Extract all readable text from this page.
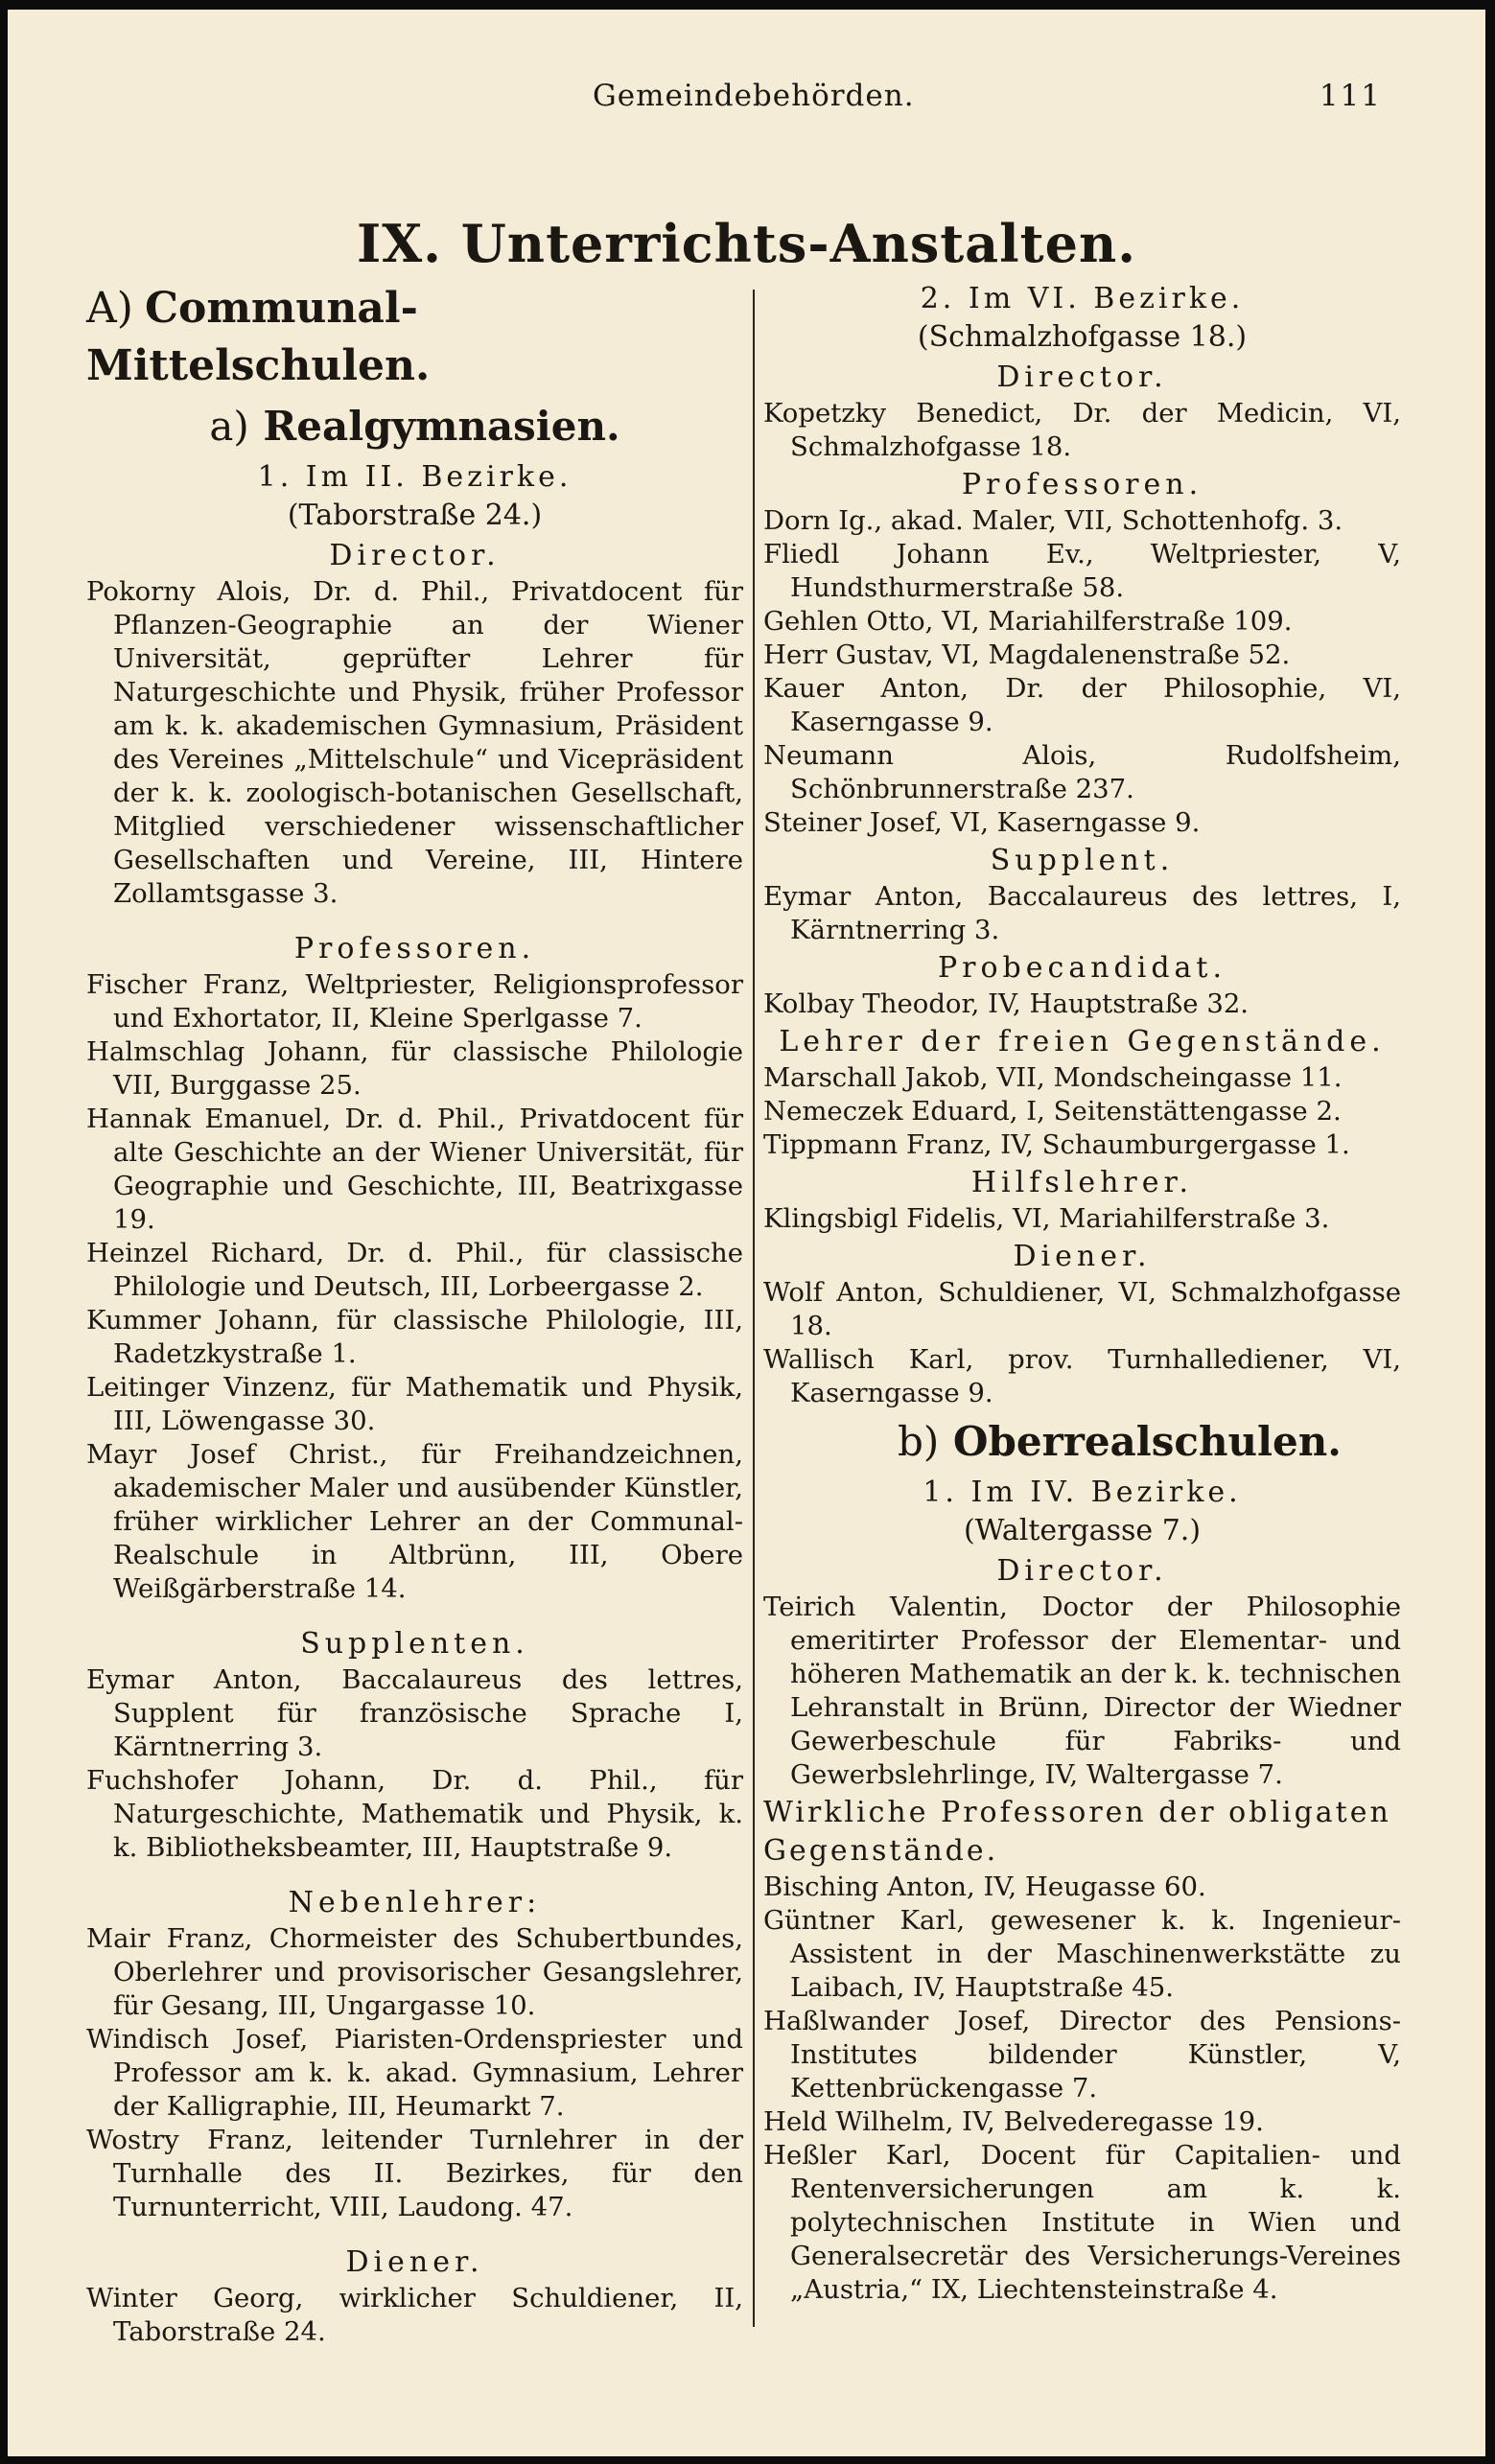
Gemeindebehörden.	111
IX. Unterrichts-Anstalten.
A) Communal-Mittelschulen.
a) Realgymnasien.
1. Im II. Bezirke.
(Taborstraße 24.)
Director.
Pokorny Alois, Dr. d. Phil., Privatdocent für Pflanzen-Geographie an der Wiener Universität, geprüfter Lehrer für Naturgeschichte und Physik, früher Professor am k. k. akademischen Gymnasium, Präsident des Vereines „Mittelschule“ und Vicepräsident der k. k. zoologisch-botanischen Gesellschaft, Mitglied verschiedener wissenschaftlicher Gesellschaften und Vereine, III, Hintere Zollamtsgasse 3.
Professoren.
Fischer Franz, Weltpriester, Religionsprofessor und Exhortator, II, Kleine Sperlgasse 7.
Halmschlag Johann, für classische Philologie VII, Burggasse 25.
Hannak Emanuel, Dr. d. Phil., Privatdocent für alte Geschichte an der Wiener Universität, für Geographie und Geschichte, III, Beatrixgasse 19.
Heinzel Richard, Dr. d. Phil., für classische Philologie und Deutsch, III, Lorbeergasse 2.
Kummer Johann, für classische Philologie, III, Radetzkystraße 1.
Leitinger Vinzenz, für Mathematik und Physik, III, Löwengasse 30.
Mayr Josef Christ., für Freihandzeichnen, akademischer Maler und ausübender Künstler, früher wirklicher Lehrer an der Communal-Realschule in Altbrünn, III, Obere Weißgärberstraße 14.
Supplenten.
Eymar Anton, Baccalaureus des lettres, Supplent für französische Sprache I, Kärntnerring 3.
Fuchshofer Johann, Dr. d. Phil., für Naturgeschichte, Mathematik und Physik, k. k. Bibliotheksbeamter, III, Hauptstraße 9.
Nebenlehrer:
Mair Franz, Chormeister des Schubertbundes, Oberlehrer und provisorischer Gesangslehrer, für Gesang, III, Ungargasse 10.
Windisch Josef, Piaristen-Ordenspriester und Professor am k. k. akad. Gymnasium, Lehrer der Kalligraphie, III, Heumarkt 7.
Wostry Franz, leitender Turnlehrer in der Turnhalle des II. Bezirkes, für den Turnunterricht, VIII, Laudong. 47.
Diener.
Winter Georg, wirklicher Schuldiener, II, Taborstraße 24.
2. Im VI. Bezirke.
(Schmalzhofgasse 18.)
Director.
Kopetzky Benedict, Dr. der Medicin, VI, Schmalzhofgasse 18.
Professoren.
Dorn Ig., akad. Maler, VII, Schottenhofg. 3.
Fliedl Johann Ev., Weltpriester, V, Hundsthurmerstraße 58.
Gehlen Otto, VI, Mariahilferstraße 109.
Herr Gustav, VI, Magdalenenstraße 52.
Kauer Anton, Dr. der Philosophie, VI, Kaserngasse 9.
Neumann Alois, Rudolfsheim, Schönbrunnerstraße 237.
Steiner Josef, VI, Kaserngasse 9.
Supplent.
Eymar Anton, Baccalaureus des lettres, I, Kärntnerring 3.
Probecandidat.
Kolbay Theodor, IV, Hauptstraße 32.
Lehrer der freien Gegenstände.
Marschall Jakob, VII, Mondscheingasse 11.
Nemeczek Eduard, I, Seitenstättengasse 2.
Tippmann Franz, IV, Schaumburgergasse 1.
Hilfslehrer.
Klingsbigl Fidelis, VI, Mariahilferstraße 3.
Diener.
Wolf Anton, Schuldiener, VI, Schmalzhofgasse 18.
Wallisch Karl, prov. Turnhallediener, VI, Kaserngasse 9.
b) Oberrealschulen.
1. Im IV. Bezirke.
(Waltergasse 7.)
Director.
Teirich Valentin, Doctor der Philosophie emeritirter Professor der Elementar- und höheren Mathematik an der k. k. technischen Lehranstalt in Brünn, Director der Wiedner Gewerbeschule für Fabriks- und Gewerbslehrlinge, IV, Waltergasse 7.
Wirkliche Professoren der obligaten Gegenstände.
Bisching Anton, IV, Heugasse 60.
Güntner Karl, gewesener k. k. Ingenieur-Assistent in der Maschinenwerkstätte zu Laibach, IV, Hauptstraße 45.
Haßlwander Josef, Director des Pensions-Institutes bildender Künstler, V, Kettenbrückengasse 7.
Held Wilhelm, IV, Belvederegasse 19.
Heßler Karl, Docent für Capitalien- und Rentenversicherungen am k. k. polytechnischen Institute in Wien und Generalsecretär des Versicherungs-Vereines „Austria,“ IX, Liechtensteinstraße 4.
